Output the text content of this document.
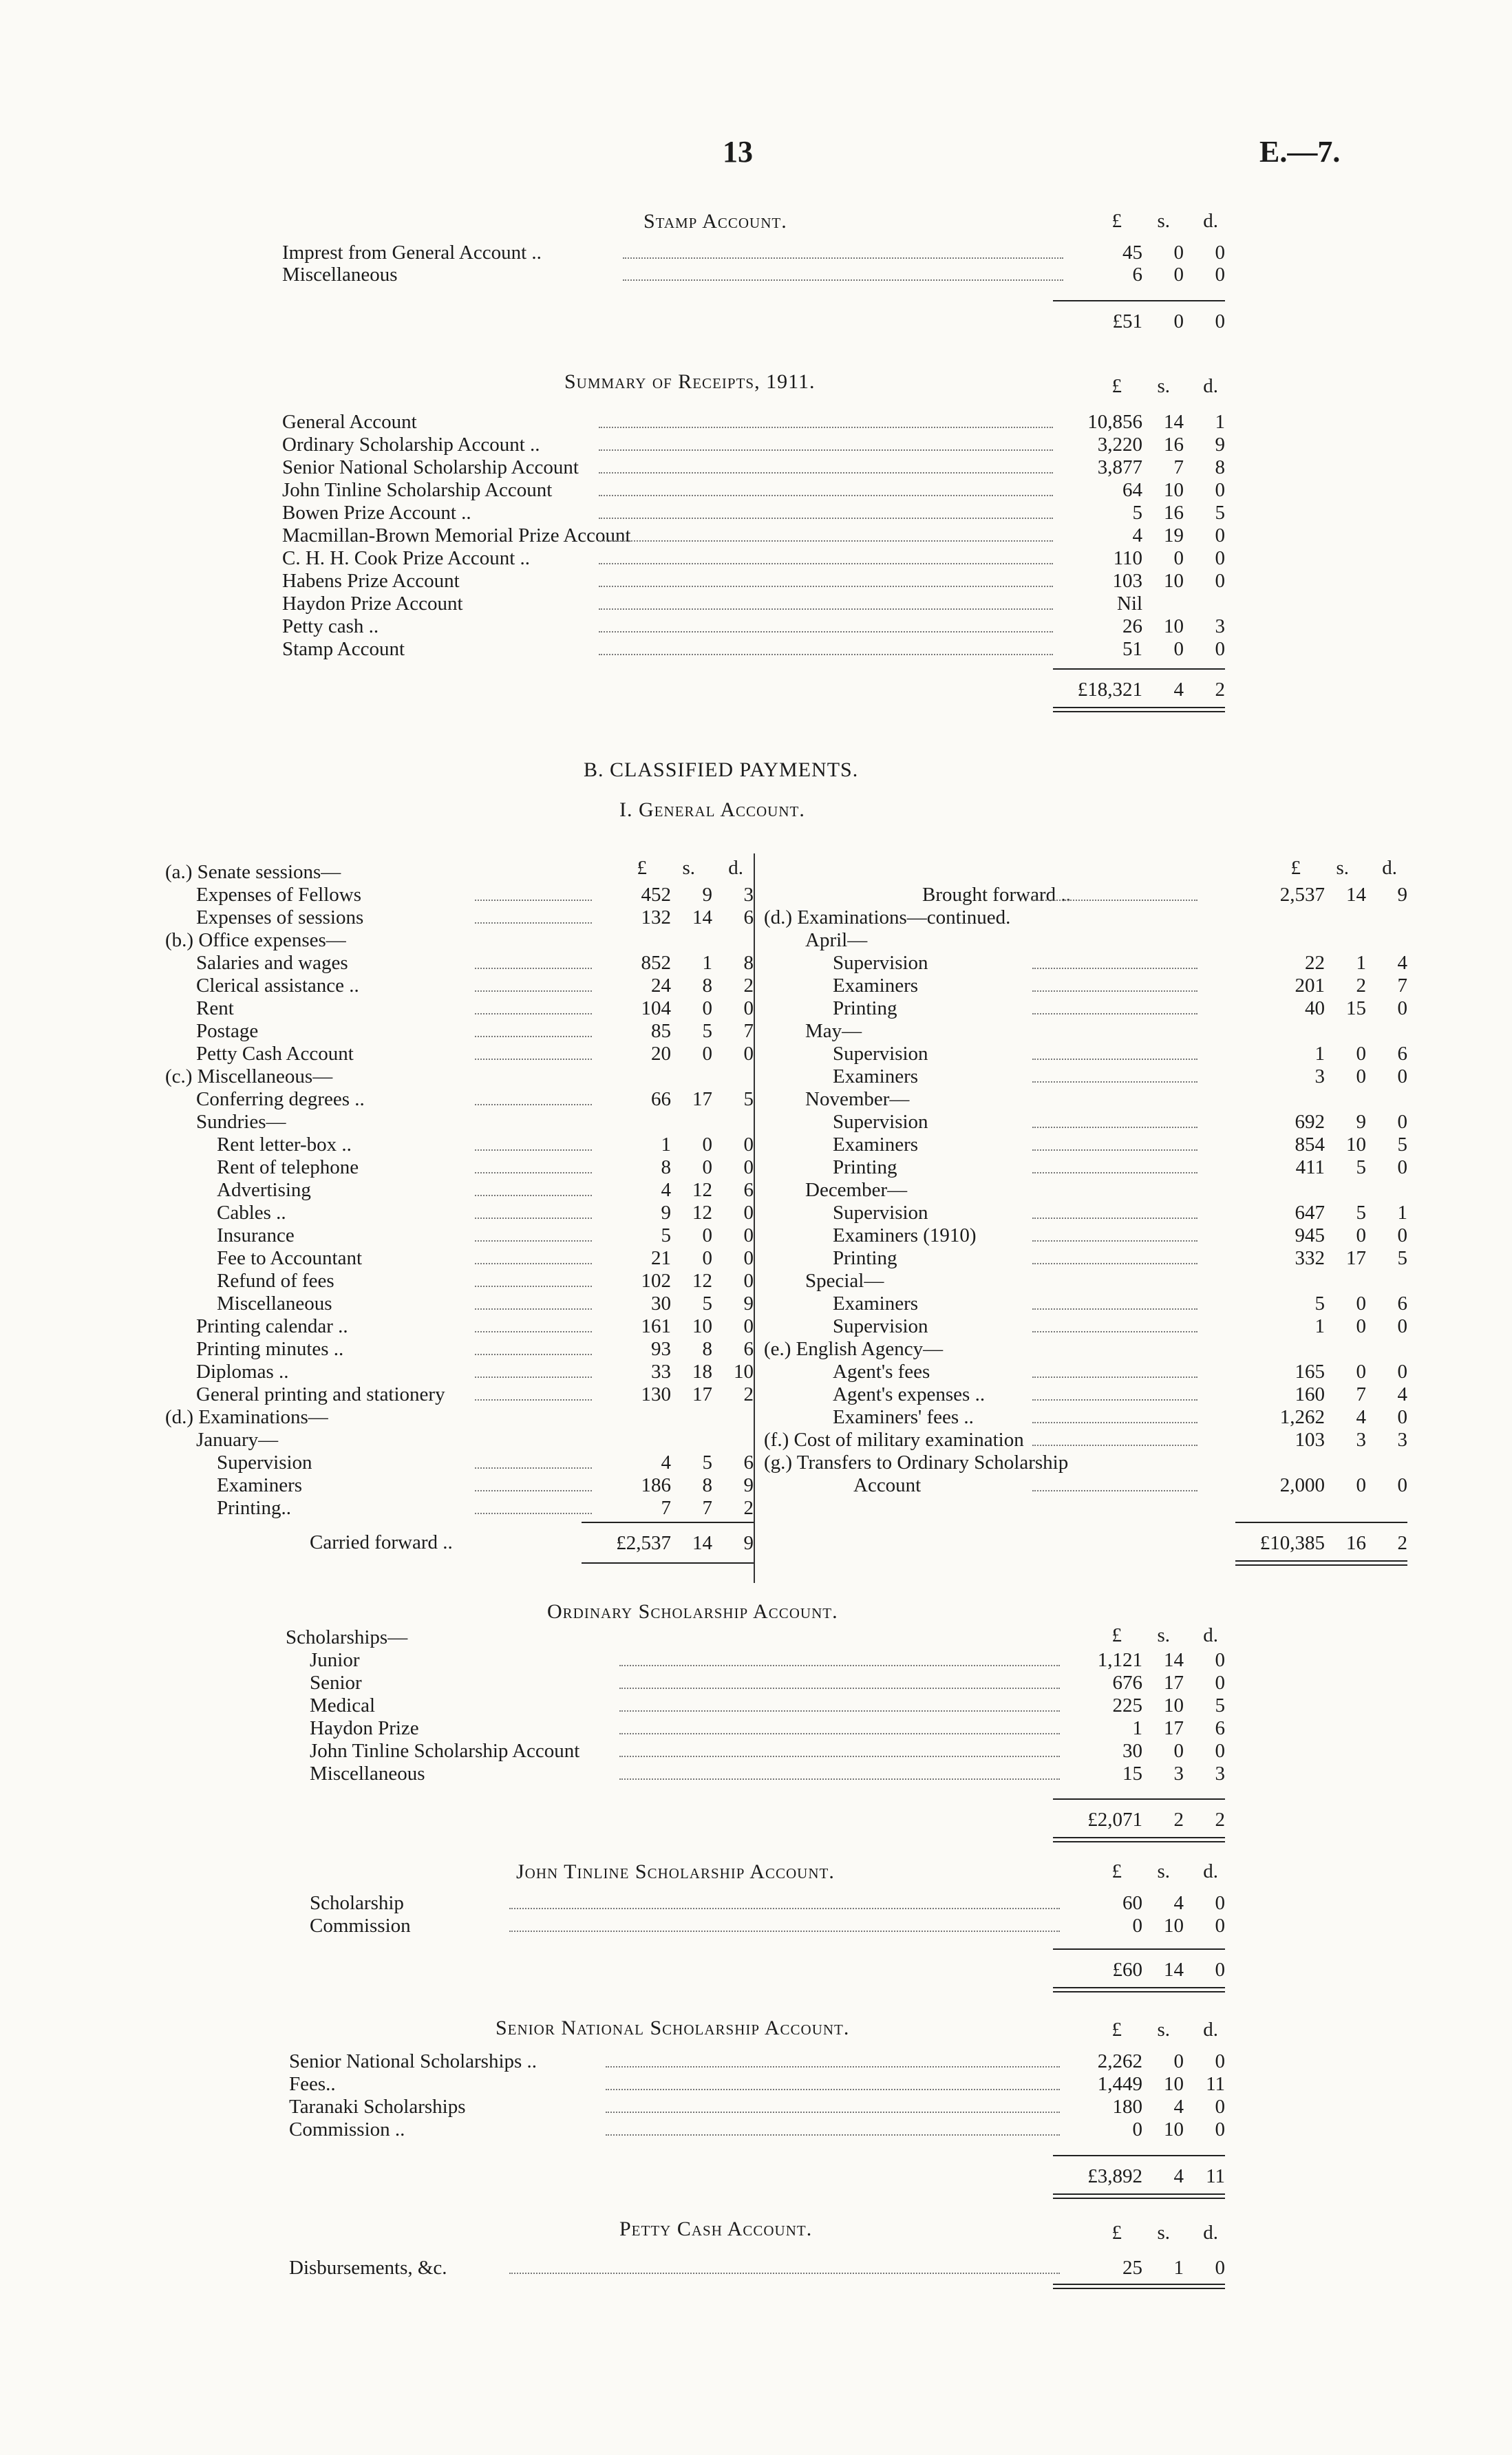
13	E.—7.
Stamp Account.	£	s.	d.
Imprest from General Account ..	45	0	0
Miscellaneous	6	0	0
£51	0	0
Summary of Receipts, 1911.	£	s.	d.
General Account	10,856	14	1
Ordinary Scholarship Account ..	3,220	16	9
Senior National Scholarship Account	3,877	7	8
John Tinline Scholarship Account	64	10	0
Bowen Prize Account ..	5	16	5
Macmillan-Brown Memorial Prize Account	4	19	0
C. H. H. Cook Prize Account ..	110	0	0
Habens Prize Account	103	10	0
Haydon Prize Account	Nil
Petty cash ..	26	10	3
Stamp Account	51	0	0
£18,321	4	2
B. CLASSIFIED PAYMENTS.
I. General Account.
£	s.	d.
(a.) Senate sessions—
Expenses of Fellows	452	9	3
Expenses of sessions	132	14	6
(b.) Office expenses—
Salaries and wages	852	1	8
Clerical assistance ..	24	8	2
Rent	104	0	0
Postage	85	5	7
Petty Cash Account	20	0	0
(c.) Miscellaneous—
Conferring degrees ..	66	17	5
Sundries—
Rent letter-box ..	1	0	0
Rent of telephone	8	0	0
Advertising	4	12	6
Cables ..	9	12	0
Insurance	5	0	0
Fee to Accountant	21	0	0
Refund of fees	102	12	0
Miscellaneous	30	5	9
Printing calendar ..	161	10	0
Printing minutes ..	93	8	6
Diplomas ..	33	18	10
General printing and stationery	130	17	2
(d.) Examinations—
January—
Supervision	4	5	6
Examiners	186	8	9
Printing..	7	7	2
£2,537	14	9
Carried forward ..
£	s.	d.
Brought forward ..	2,537	14	9
(d.) Examinations—continued.
April—
Supervision	22	1	4
Examiners	201	2	7
Printing	40	15	0
May—
Supervision	1	0	6
Examiners	3	0	0
November—
Supervision	692	9	0
Examiners	854	10	5
Printing	411	5	0
December—
Supervision	647	5	1
Examiners (1910)	945	0	0
Printing	332	17	5
Special—
Examiners	5	0	6
Supervision	1	0	0
(e.) English Agency—
Agent's fees	165	0	0
Agent's expenses ..	160	7	4
Examiners' fees ..	1,262	4	0
(f.) Cost of military examination	103	3	3
(g.) Transfers to Ordinary Scholarship
Account	2,000	0	0
£10,385	16	2
Ordinary Scholarship Account.
£	s.	d.
Scholarships—
Junior	1,121	14	0
Senior	676	17	0
Medical	225	10	5
Haydon Prize	1	17	6
John Tinline Scholarship Account	30	0	0
Miscellaneous	15	3	3
£2,071	2	2
John Tinline Scholarship Account.	£	s.	d.
Scholarship	60	4	0
Commission	0	10	0
£60	14	0
Senior National Scholarship Account.	£	s.	d.
Senior National Scholarships ..	2,262	0	0
Fees..	1,449	10	11
Taranaki Scholarships	180	4	0
Commission ..	0	10	0
£3,892	4	11
Petty Cash Account.	£	s.	d.
Disbursements, &c.	25	1	0
